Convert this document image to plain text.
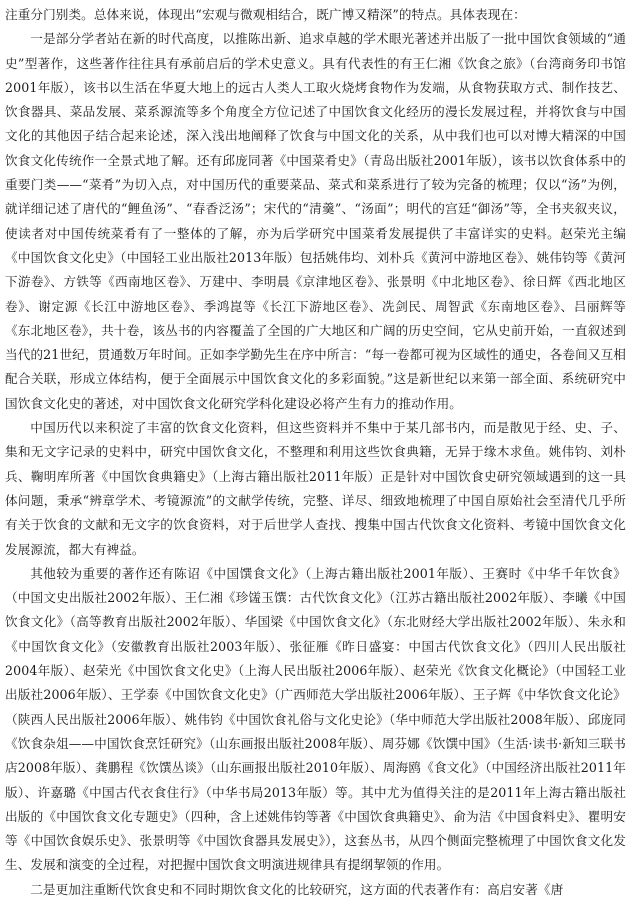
注重分门别类。总体来说，体现出“宏观与微观相结合，既广博又精深”的特点。具体表现在：

一是部分学者站在新的时代高度，以推陈出新、追求卓越的学术眼光著述并出版了一批中国饮食领域的“通史”型著作，这些著作往往具有承前启后的学术史意义。具有代表性的有王仁湘《饮食之旅》（台湾商务印书馆2001年版），该书以生活在华夏大地上的远古人类人工取火烧烤食物作为发端，从食物获取方式、制作技艺、饮食器具、菜品发展、菜系源流等多个角度全方位记述了中国饮食文化经历的漫长发展过程，并将饮食与中国文化的其他因子结合起来论述，深入浅出地阐释了饮食与中国文化的关系，从中我们也可以对博大精深的中国饮食文化传统作一全景式地了解。还有邱庞同著《中国菜肴史》（青岛出版社2001年版），该书以饮食体系中的重要门类——“菜肴”为切入点，对中国历代的重要菜品、菜式和菜系进行了较为完备的梳理；仅以“汤”为例，就详细记述了唐代的“鲤鱼汤”、“春香泛汤”；宋代的“清羹”、“汤面”；明代的宫廷“御汤”等，全书夹叙夹议，使读者对中国传统菜肴有了一整体的了解，亦为后学研究中国菜肴发展提供了丰富详实的史料。赵荣光主编《中国饮食文化史》（中国轻工业出版社2013年版）包括姚伟均、刘朴兵《黄河中游地区卷》、姚伟钧等《黄河下游卷》、方铁等《西南地区卷》、万建中、李明晨《京津地区卷》、张景明《中北地区卷》、徐日辉《西北地区卷》、谢定源《长江中游地区卷》、季鸿崑等《长江下游地区卷》、冼剑民、周智武《东南地区卷》、吕丽辉等《东北地区卷》，共十卷，该丛书的内容覆盖了全国的广大地区和广阔的历史空间，它从史前开始，一直叙述到当代的21世纪，贯通数万年时间。正如李学勤先生在序中所言：“每一卷都可视为区域性的通史，各卷间又互相配合关联，形成立体结构，便于全面展示中国饮食文化的多彩面貌。”这是新世纪以来第一部全面、系统研究中国饮食文化史的著述，对中国饮食文化研究学科化建设必将产生有力的推动作用。

中国历代以来积淀了丰富的饮食文化资料，但这些资料并不集中于某几部书内，而是散见于经、史、子、集和无文字记录的史料中，研究中国饮食文化，不整理和利用这些饮食典籍，无异于缘木求鱼。姚伟钧、刘朴兵、鞠明库所著《中国饮食典籍史》（上海古籍出版社2011年版）正是针对中国饮食史研究领域遇到的这一具体问题，秉承“辨章学术、考镜源流”的文献学传统，完整、详尽、细致地梳理了中国自原始社会至清代几乎所有关于饮食的文献和无文字的饮食资料，对于后世学人查找、搜集中国古代饮食文化资料、考镜中国饮食文化发展源流，都大有裨益。

其他较为重要的著作还有陈诏《中国馔食文化》（上海古籍出版社2001年版）、王赛时《中华千年饮食》（中国文史出版社2002年版）、王仁湘《珍馐玉馔：古代饮食文化》（江苏古籍出版社2002年版）、李曦《中国饮食文化》（高等教育出版社2002年版）、华国梁《中国饮食文化》（东北财经大学出版社2002年版）、朱永和《中国饮食文化》（安徽教育出版社2003年版）、张征雁《昨日盛宴：中国古代饮食文化》（四川人民出版社2004年版）、赵荣光《中国饮食文化史》（上海人民出版社2006年版）、赵荣光《饮食文化概论》（中国轻工业出版社2006年版）、王学泰《中国饮食文化史》（广西师范大学出版社2006年版）、王子辉《中华饮食文化论》（陕西人民出版社2006年版）、姚伟钧《中国饮食礼俗与文化史论》（华中师范大学出版社2008年版）、邱庞同《饮食杂俎——中国饮食烹饪研究》（山东画报出版社2008年版）、周芬娜《饮馔中国》（生活·读书·新知三联书店2008年版）、龚鹏程《饮馔丛谈》（山东画报出版社2010年版）、周海鸥《食文化》（中国经济出版社2011年版）、许嘉璐《中国古代衣食住行》（中华书局2013年版）等。其中尤为值得关注的是2011年上海古籍出版社出版的《中国饮食文化专题史》（四种，含上述姚伟钧等著《中国饮食典籍史》、俞为洁《中国食料史》、瞿明安等《中国饮食娱乐史》、张景明等《中国饮食器具发展史》），这套丛书，从四个侧面完整梳理了中国饮食文化发生、发展和演变的全过程，对把握中国饮食文明演进规律具有提纲挈领的作用。

二是更加注重断代饮食史和不同时期饮食文化的比较研究，这方面的代表著作有：高启安著《唐
